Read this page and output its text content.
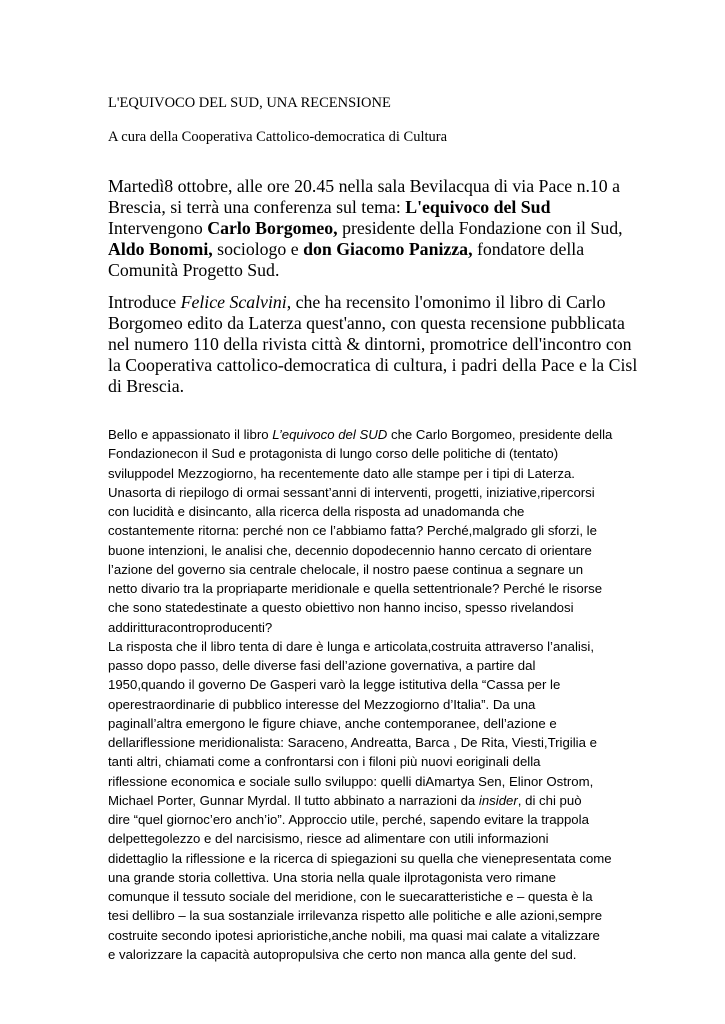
L'EQUIVOCO DEL SUD, UNA RECENSIONE
A cura della Cooperativa Cattolico-democratica di Cultura
Martedì8 ottobre, alle ore 20.45 nella sala Bevilacqua di via Pace n.10 a
Brescia, si terrà una conferenza sul tema: L'equivoco del Sud
Intervengono Carlo Borgomeo, presidente della Fondazione con il Sud,
Aldo Bonomi, sociologo e don Giacomo Panizza, fondatore della
Comunità Progetto Sud.
Introduce Felice Scalvini, che ha recensito l'omonimo il libro di Carlo
Borgomeo edito da Laterza quest'anno, con questa recensione pubblicata
nel numero 110 della rivista città & dintorni, promotrice dell'incontro con
la Cooperativa cattolico-democratica di cultura, i padri della Pace e la Cisl
di Brescia.
Bello e appassionato il libro L’equivoco del SUD che Carlo Borgomeo, presidente della
Fondazionecon il Sud e protagonista di lungo corso delle politiche di (tentato)
sviluppodel Mezzogiorno, ha recentemente dato alle stampe per i tipi di Laterza.
Unasorta di riepilogo di ormai sessant’anni di interventi, progetti, iniziative,ripercorsi
con lucidità e disincanto, alla ricerca della risposta ad unadomanda che
costantemente ritorna: perché non ce l’abbiamo fatta? Perché,malgrado gli sforzi, le
buone intenzioni, le analisi che, decennio dopodecennio hanno cercato di orientare
l’azione del governo sia centrale chelocale, il nostro paese continua a segnare un
netto divario tra la propriaparte meridionale e quella settentrionale? Perché le risorse
che sono statedestinate a questo obiettivo non hanno inciso, spesso rivelandosi
addiritturacontroproducenti?
La risposta che il libro tenta di dare è lunga e articolata,costruita attraverso l’analisi,
passo dopo passo, delle diverse fasi dell’azione governativa, a partire dal
1950,quando il governo De Gasperi varò la legge istitutiva della “Cassa per le
operestraordinarie di pubblico interesse del Mezzogiorno d’Italia”. Da una
paginall’altra emergono le figure chiave, anche contemporanee, dell’azione e
dellariflessione meridionalista: Saraceno, Andreatta, Barca , De Rita, Viesti,Trigilia e
tanti altri, chiamati come a confrontarsi con i filoni più nuovi eoriginali della
riflessione economica e sociale sullo sviluppo: quelli diAmartya Sen, Elinor Ostrom,
Michael Porter, Gunnar Myrdal. Il tutto abbinato a narrazioni da insider, di chi può
dire “quel giornoc’ero anch’io”. Approccio utile, perché, sapendo evitare la trappola
delpettegolezzo e del narcisismo, riesce ad alimentare con utili informazioni
didettaglio la riflessione e la ricerca di spiegazioni su quella che vienepresentata come
una grande storia collettiva. Una storia nella quale ilprotagonista vero rimane
comunque il tessuto sociale del meridione, con le suecaratteristiche e – questa è la
tesi dellibro – la sua sostanziale irrilevanza rispetto alle politiche e alle azioni,sempre
costruite secondo ipotesi aprioristiche,anche nobili, ma quasi mai calate a vitalizzare
e valorizzare la capacità autopropulsiva che certo non manca alla gente del sud.
